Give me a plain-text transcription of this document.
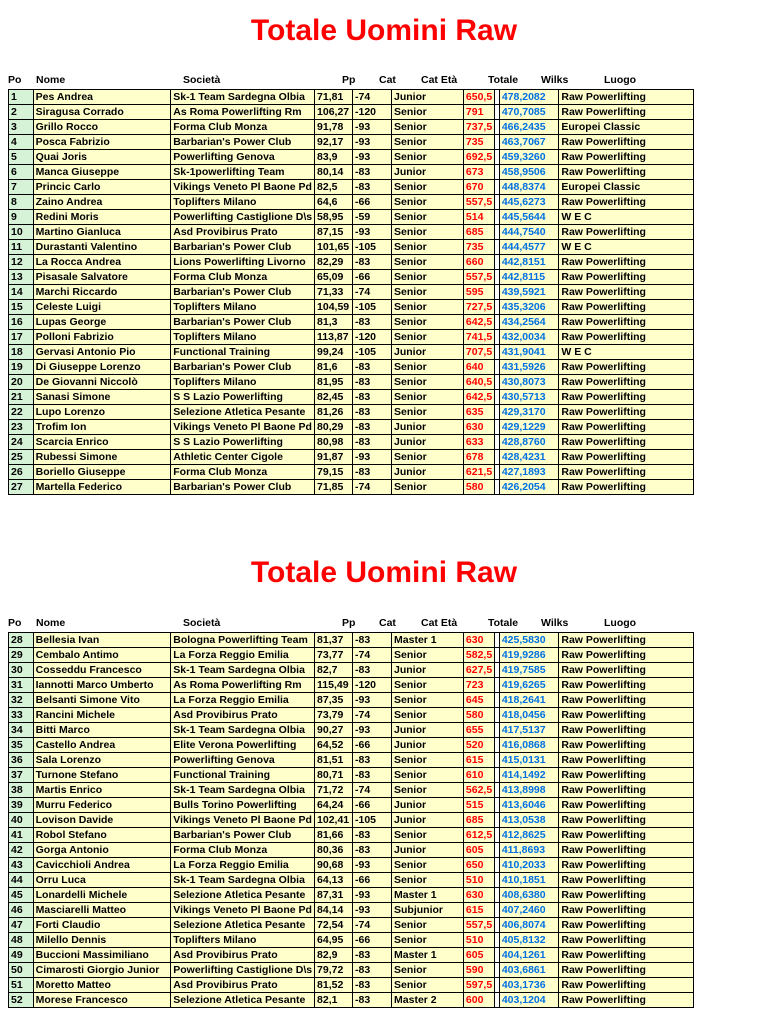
Totale Uomini Raw
Po Nome	Società	Pp Cat Cat Età	Totale Wilks	Luogo
1	Pes Andrea	Sk-1 Team Sardegna Olbia	71,81	-74	Junior	650,5		478,2082	Raw Powerlifting
2	Siragusa Corrado	As Roma Powerlifting Rm	106,27	-120	Senior	791		470,7085	Raw Powerlifting
3	Grillo Rocco	Forma Club Monza	91,78	-93	Senior	737,5		466,2435	Europei Classic
4	Posca Fabrizio	Barbarian's Power Club	92,17	-93	Senior	735		463,7067	Raw Powerlifting
5	Quai Joris	Powerlifting Genova	83,9	-93	Senior	692,5		459,3260	Raw Powerlifting
6	Manca Giuseppe	Sk-1powerlifting Team	80,14	-83	Junior	673		458,9506	Raw Powerlifting
7	Princic Carlo	Vikings Veneto Pl Baone Pd	82,5	-83	Senior	670		448,8374	Europei Classic
8	Zaino Andrea	Toplifters Milano	64,6	-66	Senior	557,5		445,6273	Raw Powerlifting
9	Redini Moris	Powerlifting Castiglione D\s	58,95	-59	Senior	514		445,5644	W E C
10	Martino Gianluca	Asd Provibirus Prato	87,15	-93	Senior	685		444,7540	Raw Powerlifting
11	Durastanti Valentino	Barbarian's Power Club	101,65	-105	Senior	735		444,4577	W E C
12	La Rocca Andrea	Lions Powerlifting Livorno	82,29	-83	Senior	660		442,8151	Raw Powerlifting
13	Pisasale Salvatore	Forma Club Monza	65,09	-66	Senior	557,5		442,8115	Raw Powerlifting
14	Marchi Riccardo	Barbarian's Power Club	71,33	-74	Senior	595		439,5921	Raw Powerlifting
15	Celeste Luigi	Toplifters Milano	104,59	-105	Senior	727,5		435,3206	Raw Powerlifting
16	Lupas George	Barbarian's Power Club	81,3	-83	Senior	642,5		434,2564	Raw Powerlifting
17	Polloni Fabrizio	Toplifters Milano	113,87	-120	Senior	741,5		432,0034	Raw Powerlifting
18	Gervasi Antonio Pio	Functional Training	99,24	-105	Junior	707,5		431,9041	W E C
19	Di Giuseppe Lorenzo	Barbarian's Power Club	81,6	-83	Senior	640		431,5926	Raw Powerlifting
20	De Giovanni Niccolò	Toplifters Milano	81,95	-83	Senior	640,5		430,8073	Raw Powerlifting
21	Sanasi Simone	S S Lazio Powerlifting	82,45	-83	Senior	642,5		430,5713	Raw Powerlifting
22	Lupo Lorenzo	Selezione Atletica Pesante	81,26	-83	Senior	635		429,3170	Raw Powerlifting
23	Trofim Ion	Vikings Veneto Pl Baone Pd	80,29	-83	Junior	630		429,1229	Raw Powerlifting
24	Scarcia Enrico	S S Lazio Powerlifting	80,98	-83	Junior	633		428,8760	Raw Powerlifting
25	Rubessi Simone	Athletic Center Cigole	91,87	-93	Senior	678		428,4231	Raw Powerlifting
26	Boriello Giuseppe	Forma Club Monza	79,15	-83	Junior	621,5		427,1893	Raw Powerlifting
27	Martella Federico	Barbarian's Power Club	71,85	-74	Senior	580		426,2054	Raw Powerlifting
Totale Uomini Raw
Po Nome	Società	Pp Cat Cat Età	Totale Wilks	Luogo
28	Bellesia Ivan	Bologna Powerlifting Team	81,37	-83	Master 1	630		425,5830	Raw Powerlifting
29	Cembalo Antimo	La Forza Reggio Emilia	73,77	-74	Senior	582,5		419,9286	Raw Powerlifting
30	Cosseddu Francesco	Sk-1 Team Sardegna Olbia	82,7	-83	Junior	627,5		419,7585	Raw Powerlifting
31	Iannotti Marco Umberto	As Roma Powerlifting Rm	115,49	-120	Senior	723		419,6265	Raw Powerlifting
32	Belsanti Simone Vito	La Forza Reggio Emilia	87,35	-93	Senior	645		418,2641	Raw Powerlifting
33	Rancini Michele	Asd Provibirus Prato	73,79	-74	Senior	580		418,0456	Raw Powerlifting
34	Bitti Marco	Sk-1 Team Sardegna Olbia	90,27	-93	Junior	655		417,5137	Raw Powerlifting
35	Castello Andrea	Elite Verona Powerlifting	64,52	-66	Junior	520		416,0868	Raw Powerlifting
36	Sala Lorenzo	Powerlifting Genova	81,51	-83	Senior	615		415,0131	Raw Powerlifting
37	Turnone Stefano	Functional Training	80,71	-83	Senior	610		414,1492	Raw Powerlifting
38	Martis Enrico	Sk-1 Team Sardegna Olbia	71,72	-74	Senior	562,5		413,8998	Raw Powerlifting
39	Murru Federico	Bulls Torino Powerlifting	64,24	-66	Junior	515		413,6046	Raw Powerlifting
40	Lovison Davide	Vikings Veneto Pl Baone Pd	102,41	-105	Junior	685		413,0538	Raw Powerlifting
41	Robol Stefano	Barbarian's Power Club	81,66	-83	Senior	612,5		412,8625	Raw Powerlifting
42	Gorga Antonio	Forma Club Monza	80,36	-83	Junior	605		411,8693	Raw Powerlifting
43	Cavicchioli Andrea	La Forza Reggio Emilia	90,68	-93	Senior	650		410,2033	Raw Powerlifting
44	Orru Luca	Sk-1 Team Sardegna Olbia	64,13	-66	Senior	510		410,1851	Raw Powerlifting
45	Lonardelli Michele	Selezione Atletica Pesante	87,31	-93	Master 1	630		408,6380	Raw Powerlifting
46	Masciarelli Matteo	Vikings Veneto Pl Baone Pd	84,14	-93	Subjunior	615		407,2460	Raw Powerlifting
47	Forti Claudio	Selezione Atletica Pesante	72,54	-74	Senior	557,5		406,8074	Raw Powerlifting
48	Milello Dennis	Toplifters Milano	64,95	-66	Senior	510		405,8132	Raw Powerlifting
49	Buccioni Massimiliano	Asd Provibirus Prato	82,9	-83	Master 1	605		404,1261	Raw Powerlifting
50	Cimarosti Giorgio Junior	Powerlifting Castiglione D\s	79,72	-83	Senior	590		403,6861	Raw Powerlifting
51	Moretto Matteo	Asd Provibirus Prato	81,52	-83	Senior	597,5		403,1736	Raw Powerlifting
52	Morese Francesco	Selezione Atletica Pesante	82,1	-83	Master 2	600		403,1204	Raw Powerlifting
